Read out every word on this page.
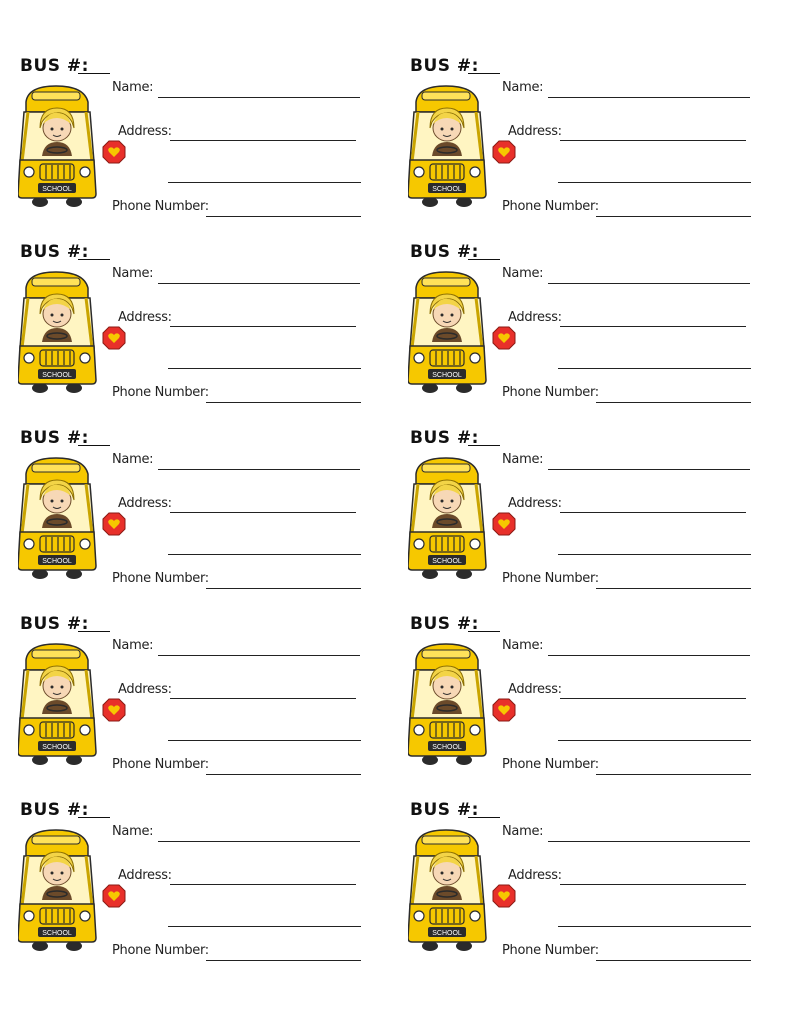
BUS #:
SCHOOL
Name:
Address:
Phone Number:
BUS #:
SCHOOL
Name:
Address:
Phone Number:
BUS #:
SCHOOL
Name:
Address:
Phone Number:
BUS #:
SCHOOL
Name:
Address:
Phone Number:
BUS #:
SCHOOL
Name:
Address:
Phone Number:
BUS #:
SCHOOL
Name:
Address:
Phone Number:
BUS #:
SCHOOL
Name:
Address:
Phone Number:
BUS #:
SCHOOL
Name:
Address:
Phone Number:
BUS #:
SCHOOL
Name:
Address:
Phone Number:
BUS #:
SCHOOL
Name:
Address:
Phone Number:
